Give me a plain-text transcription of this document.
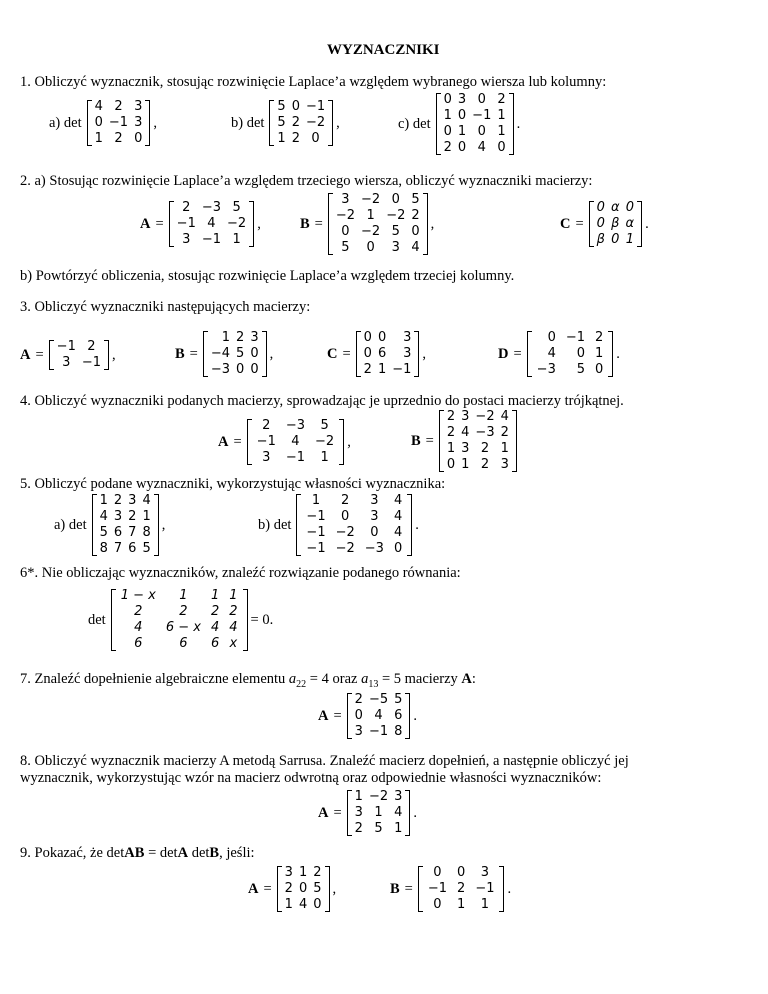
WYZNACZNIKI
1. Obliczyć wyznacznik, stosując rozwinięcie Laplace’a względem wybranego wiersza lub kolumny:
a) det
4	2	3
0	−1	3
1	2	0
,	b) det
5	0	−1
5	2	−2
1	2	0
,	c) det
0	3	0	2
1	0	−1	1
0	1	0	1
2	0	4	0
.
2. a) Stosując rozwinięcie Laplace’a względem trzeciego wiersza, obliczyć wyznaczniki macierzy:
A =
2	−3	5
−1	4	−2
3	−1	1
,	B =
3	−2	0	5
−2	1	−2	2
0	−2	5	0
5	0	3	4
,	C =
0	α	0
0	β	α
β	0	1
.
b) Powtórzyć obliczenia, stosując rozwinięcie Laplace’a względem trzeciej kolumny.
3. Obliczyć wyznaczniki następujących macierzy:
A = −1	2
3	−1 ,	B =
1	2	3
−4	5	0
−3	0	0
,	C =
0	0	3
0	6	3
2	1	−1
,	D =
0	−1	2
4	0	1
−3	5	0
.
4. Obliczyć wyznaczniki podanych macierzy, sprowadzając je uprzednio do postaci macierzy trójkątnej.
A =
2	−3	5
−1	4	−2
3	−1	1
,	B =
2	3	−2	4
2	4	−3	2
1	3	2	1
0	1	2	3
5. Obliczyć podane wyznaczniki, wykorzystując własności wyznacznika:
a) det
1	2	3	4
4	3	2	1
5	6	7	8
8	7	6	5
,	b) det
1	2	3	4
−1	0	3	4
−1	−2	0	4
−1	−2	−3	0
.
6*. Nie obliczając wyznaczników, znaleźć rozwiązanie podanego równania:
det
1 − x	1	1	1
2	2	2	2
4	6 − x	4	4
6	6	6	x
= 0.
7. Znaleźć dopełnienie algebraiczne elementu $a_{22} = 4$ oraz $a_{13} = 5$ macierzy A:
A =
2	−5	5
0	4	6
3	−1	8
.
8. Obliczyć wyznacznik macierzy A metodą Sarrusa. Znaleźć macierz dopełnień, a następnie obliczyć jej
wyznacznik, wykorzystując wzór na macierz odwrotną oraz odpowiednie własności wyznaczników:
A =
1	−2	3
3	1	4
2	5	1
.
9. Pokazać, że detAB = detA detB, jeśli:
A =
3	1	2
2	0	5
1	4	0
,	B =
0	0	3
−1	2	−1
0	1	1
.
